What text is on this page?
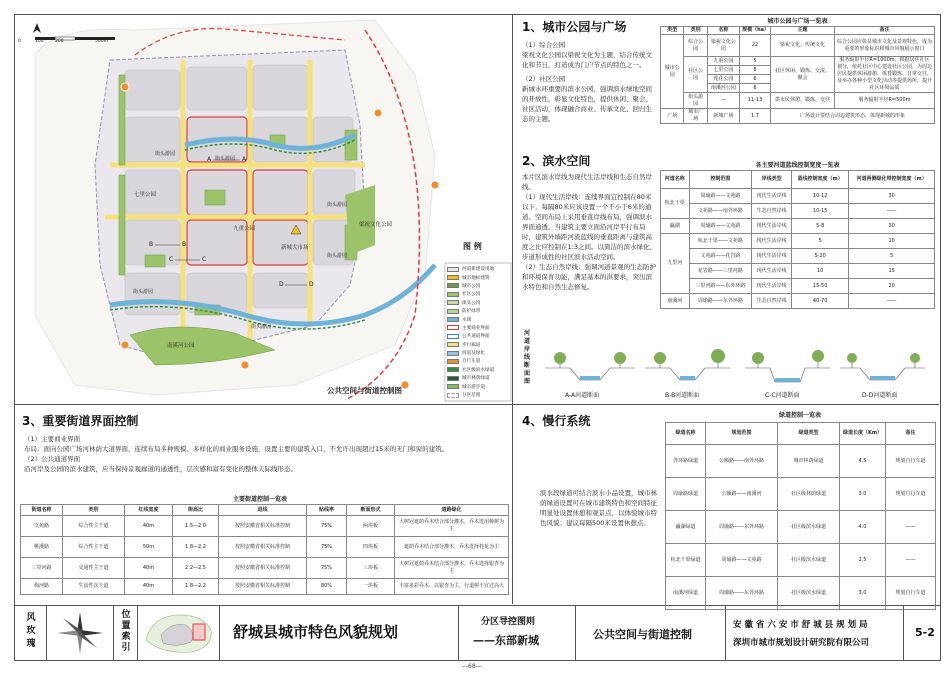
新城大市场
梁祝文化公园
九重公园
七里公园
南溪河公园
街头游园
街头游园
街头游园
街头游园
街头游园
街头游园
A	A
B	B
C	C
D	D
0	100	200	500m
图 例
河道新建设用地
城市地标建筑
城市公园
社区公园
街头公园
防护绿带
水域
主要商业界面
公共通道界面
步行廊道
河道及绿化
自行车道
社区级滨水绿道
城市林荫绿道
城市游步道
分区范围
公共空间与街道控制图
1、城市公园与广场
（1）综合公园
梁祝文化公园以梁祝文化为主题，结合传统文化和节日，打造成为门户节点的特色之一。
（2）社区公园
新城水环重要的滨水公园，强调滨水绿地空间的开放性，彰显文化特色，提供休闲、聚会、社区活动，体现融合商业、传承文化、回归生态的主题。
城市公园与广场一览表
类型	类别	名称	规模（ha）	主题	备注
城市公园	综合公园	梁祝文化公园	22	梁祝文化、传统文化	综合公园应彰显城市文化及景观特色，成为重要的形象标识和城市风貌展示窗口
	社区公园	九重公园	5	社区休闲、锻炼、交流、聚会	服务辐射半径R=1000m，根据居住社区划分，依托社区中心建设社区公园，为周边居民提供休闲游憩、体育锻炼、日常交往，及举办各种小型文化活动等提供场所，提升社区环境品质
		七里公园	8		
		莲花公园	6		
		南溪河公园	6		
	街头游园	—	11-13	供市民休憩、锻炼、交往	服务辐射半径R=500m
广场	城市广场	新城广场	1.7	广场设计要结合周边建筑形态，体现新城的形象	
2、滨水空间
本片区滨水岸线为现代生活岸线和生态自然岸线。
（1）现代生活岸线：连续界面宜控制在80米以下，每隔80米应该设置一个不小于6米的通道。空间布局上采用垂直岸线布局，强调滨水界面通透。当建筑主要立面沿河岸平行布局时，建筑外墙距河流蓝线的垂直距离与建筑高度之比应控制在1:3之间。以简洁的滨水绿化、步道形成性的社区滨水活动空间。
（2）生态自然岸线：强调河道景观的生态防护和环境保育功能，满足基本的洪要求，突出滨水特色和自然生态修复。
各主要河道蓝线控制宽度一览表
河道名称	控制范围	岸线类型	蓝线控制宽度（m）	河道两侧绿化带控制宽度（m）
杭北干渠	周瑜路——文苑路	现代生活岸线	10-12	30
	文苑路——南外环路	生态自然岸线	10-15	——
瀛湖	周瑜路——文苑路	现代生活岸线	5-8	30
九里河	杭北干渠——文苑路	现代生活岸线	5	10
	文苑路——花岩路	现代生活岸线	5-20	5
	花岩路——三里河路	现代生活岸线	10	15
	三里河路——东外环路	现代生活岸线	15-50	20
南溪河	周瑜路——东外环路	生态自然岸线	40-70	——
河道岸线断面图
A-A河道断面	B-B河道断面	C-C河道断面	D-D河道断面
3、重要街道界面控制
（1）主要商业界面
布局：面向公园广场河林荫大道界面，连续布局多种规模、多样化的商业服务设施，设置主要的建筑入口，不允许出现超过15米的无门和窗的建筑。
（2）公共通道界面
沿河岸及公园的滨水建筑，应当保持景观廊道的通透性，层次感和富有变化的整体天际线形态。
主要街道控制一览表
街道名称	类别	红线宽度	街高比	退线	贴线率	断面形式	道路绿化
文苑路	综合性主干道	40m	1.5—2.0	按照安徽省相关标准控制	75%	两块板	大树冠遮荫乔木结合部分灌木，乔木选用樟树为主
桃溪路	综合性主干道	50m	1.8—2.2	按照安徽省相关标准控制	75%	四块板	遮荫乔木结合部分灌木，乔木选择桂花为主
三里河路	交通性主干道	40m	2.2—2.5	按照安徽省相关标准控制	75%	三块板	大树冠遮荫乔木结合部分灌木，乔木选择银杏为主
梅河路	生活性次干道	40m	1.8—2.2	按照安徽省相关标准控制	80%	一块板	丰富多彩乔木、以银杏为主，行道树不宜过高大
4、慢行系统
滨水段绿道可结合滨水小品设置，城市林荫绿道设置可在城市建筑特色和空间特征明显处设置休憩和观景点，以体验城市特色风貌；建议每隔500米设置休憩点。
绿道控制一览表
绿道名称	规划范围	绿道类型	绿道长度（Km）	备注
外环路绿道	公额路——南外环路	城市林荫绿道	4.5	规划自行车道
周瑜路绿道	公额路——南溪河	社区级林荫绿道	3.0	规划自行车道
瀛湖绿道	周瑜路——东外环路	社区级滨水绿道	4.0	——
杭北干渠绿道	周瑜路——文苑路	社区级滨水绿道	2.5	——
南溪河绿道	周瑜路——东外环路	社区级滨水绿道	3.0	规划自行车道
风玫瑰
位置索引
舒城县城市特色风貌规划
分区导控图则
——东部新城	公共空间与街道控制
安 徽 省 六 安 市 舒 城 县 规 划 局
深圳市城市规划设计研究院有限公司
5-2
—68—
